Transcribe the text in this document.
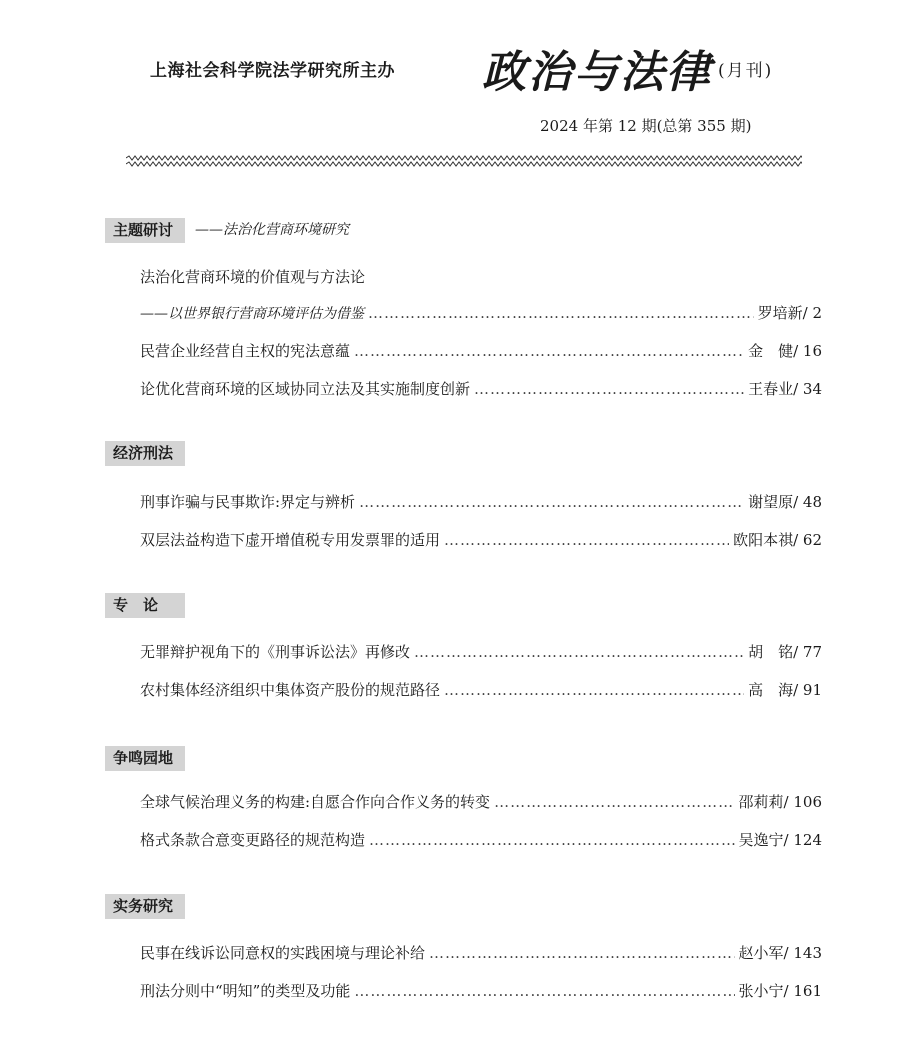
上海社会科学院法学研究所主办 政治与法律 (月刊)
2024 年第 12 期(总第 355 期)
主题研讨	——法治化营商环境研究
法治化营商环境的价值观与方法论
——以世界银行营商环境评估为借鉴 ……………………………………………………………………………………………………………………………………………………………………………………………………	罗培新 / 2
民营企业经营自主权的宪法意蕴 ……………………………………………………………………………………………………………………………………………………………………………………………………	金　健 / 16
论优化营商环境的区域协同立法及其实施制度创新 ……………………………………………………………………………………………………………………………………………………………………………………………………	王春业 / 34
经济刑法
刑事诈骗与民事欺诈:界定与辨析 ……………………………………………………………………………………………………………………………………………………………………………………………………	谢望原 / 48
双层法益构造下虚开增值税专用发票罪的适用 ……………………………………………………………………………………………………………………………………………………………………………………………………	欧阳本祺 / 62
专　论
无罪辩护视角下的《刑事诉讼法》再修改 ……………………………………………………………………………………………………………………………………………………………………………………………………	胡　铭 / 77
农村集体经济组织中集体资产股份的规范路径 ……………………………………………………………………………………………………………………………………………………………………………………………………	高　海 / 91
争鸣园地
全球气候治理义务的构建:自愿合作向合作义务的转变 ……………………………………………………………………………………………………………………………………………………………………………………………………	邵莉莉 / 106
格式条款合意变更路径的规范构造 ……………………………………………………………………………………………………………………………………………………………………………………………………	吴逸宁 / 124
实务研究
民事在线诉讼同意权的实践困境与理论补给 ……………………………………………………………………………………………………………………………………………………………………………………………………	赵小军 / 143
刑法分则中“明知”的类型及功能 ……………………………………………………………………………………………………………………………………………………………………………………………………	张小宁 / 161
